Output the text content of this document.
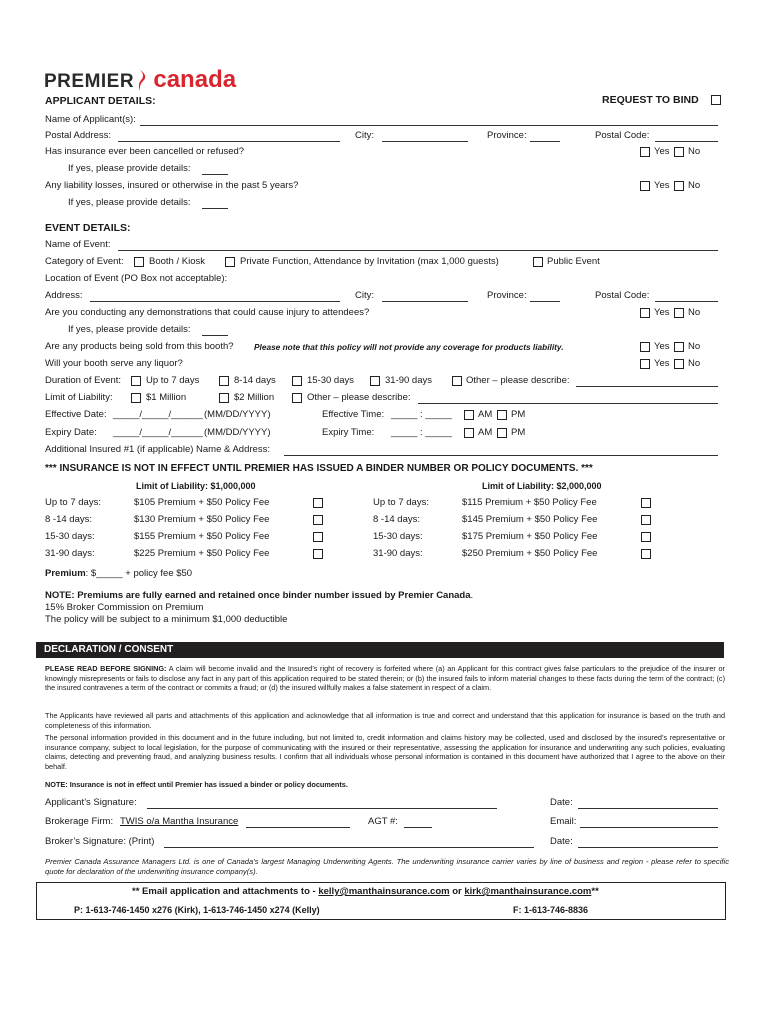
PREMIER canada
APPLICANT DETAILS:	REQUEST TO BIND
Name of Applicant(s):
Postal Address:	City:	Province:	Postal Code:
Has insurance ever been cancelled or refused?	Yes No
If yes, please provide details:
Any liability losses, insured or otherwise in the past 5 years?	Yes No
If yes, please provide details:
EVENT DETAILS:
Name of Event:
Category of Event:	Booth / Kiosk	Private Function, Attendance by Invitation (max 1,000 guests)	Public Event
Location of Event (PO Box not acceptable):
Address:	City:	Province:	Postal Code:
Are you conducting any demonstrations that could cause injury to attendees?	Yes No
If yes, please provide details:
Are any products being sold from this booth? Please note that this policy will not provide any coverage for products liability.	Yes No
Will your booth serve any liquor?	Yes No
Duration of Event:	Up to 7 days	8-14 days	15-30 days	31-90 days	Other – please describe:
Limit of Liability:	$1 Million	$2 Million	Other – please describe:
Effective Date: _____/_____/______ (MM/DD/YYYY)	Effective Time: _____ : _____	AM PM
Expiry Date: _____/_____/______ (MM/DD/YYYY)	Expiry Time: _____ : _____	AM PM
Additional Insured #1 (if applicable) Name & Address:
*** INSURANCE IS NOT IN EFFECT UNTIL PREMIER HAS ISSUED A BINDER NUMBER OR POLICY DOCUMENTS. ***
Limit of Liability: $1,000,000	Limit of Liability: $2,000,000
Up to 7 days:	$105 Premium + $50 Policy Fee	Up to 7 days:	$115 Premium + $50 Policy Fee
8 -14 days:	$130 Premium + $50 Policy Fee	8 -14 days:	$145 Premium + $50 Policy Fee
15-30 days:	$155 Premium + $50 Policy Fee	15-30 days:	$175 Premium + $50 Policy Fee
31-90 days:	$225 Premium + $50 Policy Fee	31-90 days:	$250 Premium + $50 Policy Fee
Premium: $_____ + policy fee $50
NOTE: Premiums are fully earned and retained once binder number issued by Premier Canada.
15% Broker Commission on Premium
The policy will be subject to a minimum $1,000 deductible
DECLARATION / CONSENT
PLEASE READ BEFORE SIGNING: A claim will become invalid and the Insured’s right of recovery is forfeited where (a) an Applicant for this contract gives false particulars to the prejudice of the insurer or knowingly misrepresents or fails to disclose any fact in any part of this application required to be stated therein; or (b) the insured fails to inform material changes to these facts during the term of the contract; (c) the insured contravenes a term of the contract or commits a fraud; or (d) the insured willfully makes a false statement in respect of a claim.
The Applicants have reviewed all parts and attachments of this application and acknowledge that all information is true and correct and understand that this application for insurance is based on the truth and completeness of this information.
The personal information provided in this document and in the future including, but not limited to, credit information and claims history may be collected, used and disclosed by the insured’s representative or insurance company, subject to local legislation, for the purpose of communicating with the insured or their representative, assessing the application for insurance and underwriting any such policies, evaluating claims, detecting and preventing fraud, and analyzing business results. I confirm that all individuals whose personal information is contained in this document have authorized that I agree to the above on their behalf.
NOTE: Insurance is not in effect until Premier has issued a binder or policy documents.
Applicant’s Signature:	Date:
Brokerage Firm: TWIS o/a Mantha Insurance	AGT #:	Email:
Broker’s Signature: (Print)	Date:
Premier Canada Assurance Managers Ltd. is one of Canada’s largest Managing Underwriting Agents. The underwriting insurance carrier varies by line of business and region - please refer to specific quote for declaration of the underwriting insurance company(s).
** Email application and attachments to - kelly@manthainsurance.com or kirk@manthainsurance.com**
P: 1-613-746-1450 x276 (Kirk), 1-613-746-1450 x274 (Kelly)	F: 1-613-746-8836
